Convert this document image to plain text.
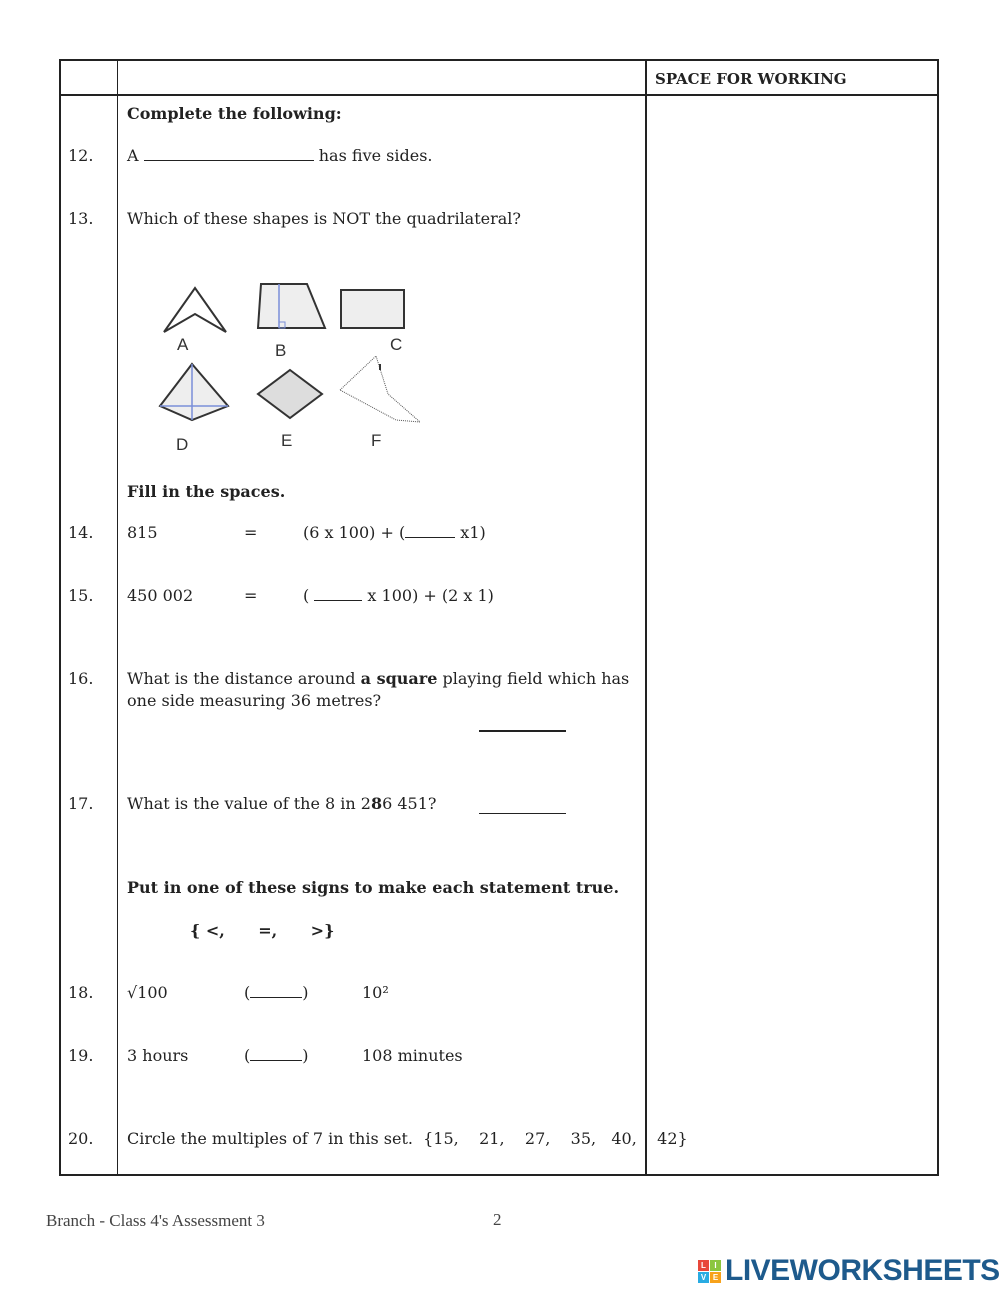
SPACE FOR WORKING
Complete the following:
12. A	has five sides.
13. Which of these shapes is NOT the quadrilateral?
A	B	C
D	E	F
Fill in the spaces.
14. 815	=	(6 x 100) + (	x1)
15. 450 002	=	(	x 100) + (2 x 1)
16. What is the distance around a square playing field which has
one side measuring 36 metres?
17. What is the value of the 8 in 286 451?
Put in one of these signs to make each statement true.
{ <,      =,      >}
18. √100	(	)	10²
19. 3 hours	(	)	108 minutes
20. Circle the multiples of 7 in this set.  {15,    21,    27,    35,   40,    42}
Branch - Class 4's Assessment 3	2
L	I
V E LIVEWORKSHEETS
